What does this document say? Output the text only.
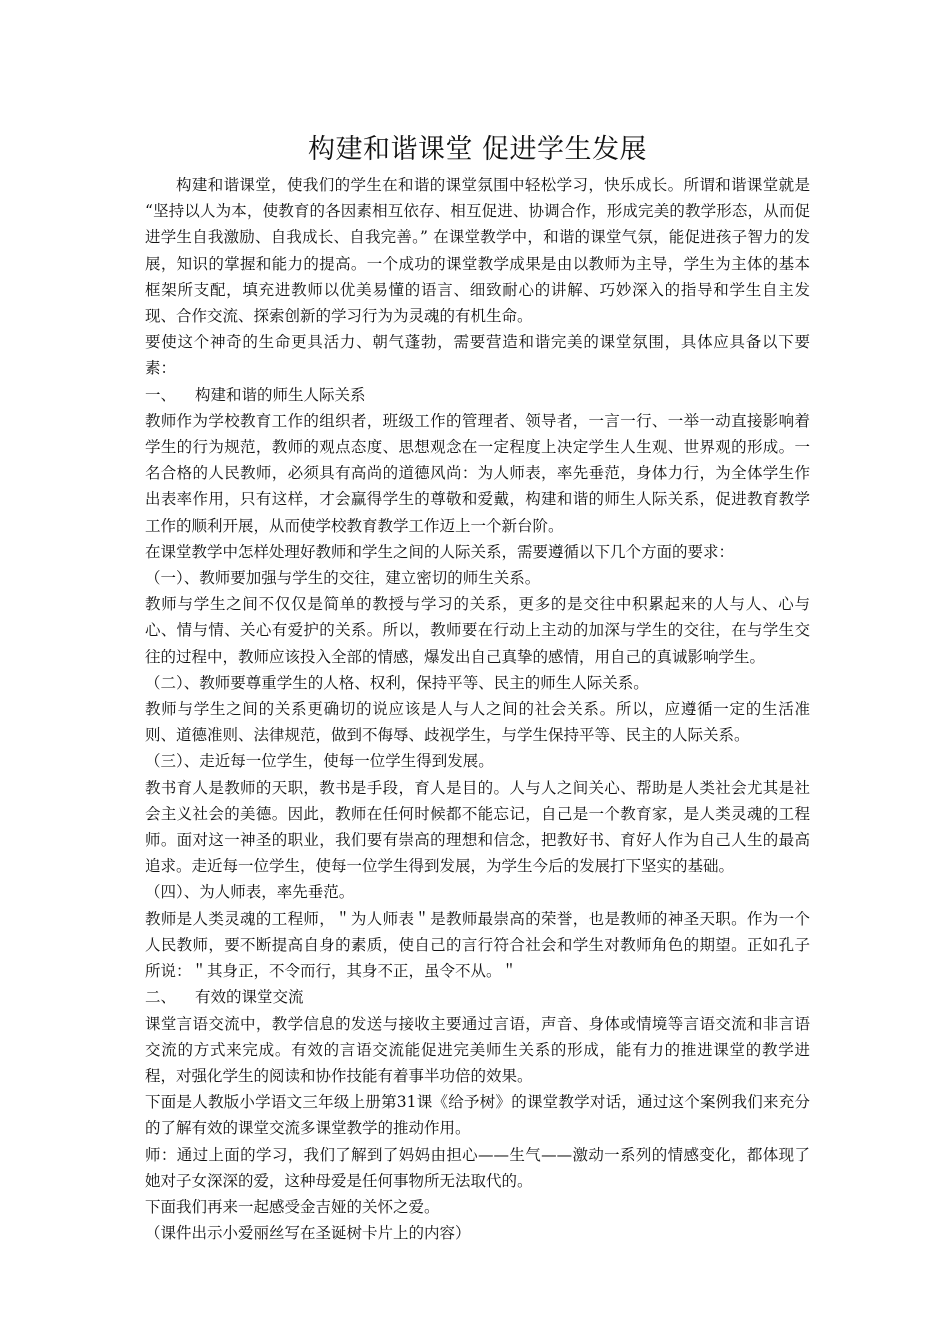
构建和谐课堂 促进学生发展

构建和谐课堂，使我们的学生在和谐的课堂氛围中轻松学习，快乐成长。所谓和谐课堂就是 “坚持以人为本，使教育的各因素相互依存、相互促进、协调合作，形成完美的教学形态，从而促进学生自我激励、自我成长、自我完善。” 在课堂教学中，和谐的课堂气氛，能促进孩子智力的发展，知识的掌握和能力的提高。一个成功的课堂教学成果是由以教师为主导，学生为主体的基本框架所支配，填充进教师以优美易懂的语言、细致耐心的讲解、巧妙深入的指导和学生自主发现、合作交流、探索创新的学习行为为灵魂的有机生命。

要使这个神奇的生命更具活力、朝气蓬勃，需要营造和谐完美的课堂氛围，具体应具备以下要素：

一、 构建和谐的师生人际关系

教师作为学校教育工作的组织者，班级工作的管理者、领导者，一言一行、一举一动直接影响着学生的行为规范，教师的观点态度、思想观念在一定程度上决定学生人生观、世界观的形成。一名合格的人民教师，必须具有高尚的道德风尚：为人师表，率先垂范，身体力行，为全体学生作出表率作用，只有这样，才会赢得学生的尊敬和爱戴，构建和谐的师生人际关系，促进教育教学工作的顺利开展，从而使学校教育教学工作迈上一个新台阶。

在课堂教学中怎样处理好教师和学生之间的人际关系，需要遵循以下几个方面的要求：

（一）、教师要加强与学生的交往，建立密切的师生关系。

教师与学生之间不仅仅是简单的教授与学习的关系，更多的是交往中积累起来的人与人、心与心、情与情、关心有爱护的关系。所以，教师要在行动上主动的加深与学生的交往，在与学生交往的过程中，教师应该投入全部的情感，爆发出自己真挚的感情，用自己的真诚影响学生。

（二）、教师要尊重学生的人格、权利，保持平等、民主的师生人际关系。

教师与学生之间的关系更确切的说应该是人与人之间的社会关系。所以，应遵循一定的生活准则、道德准则、法律规范，做到不侮辱、歧视学生，与学生保持平等、民主的人际关系。

（三）、走近每一位学生，使每一位学生得到发展。

教书育人是教师的天职，教书是手段，育人是目的。人与人之间关心、帮助是人类社会尤其是社会主义社会的美德。因此，教师在任何时候都不能忘记，自己是一个教育家，是人类灵魂的工程师。面对这一神圣的职业，我们要有崇高的理想和信念，把教好书、育好人作为自己人生的最高追求。走近每一位学生，使每一位学生得到发展，为学生今后的发展打下坚实的基础。

（四）、为人师表，率先垂范。

教师是人类灵魂的工程师，＂为人师表＂是教师最崇高的荣誉，也是教师的神圣天职。作为一个人民教师，要不断提高自身的素质，使自己的言行符合社会和学生对教师角色的期望。正如孔子所说：＂其身正，不令而行，其身不正，虽令不从。＂

二、 有效的课堂交流

课堂言语交流中，教学信息的发送与接收主要通过言语，声音、身体或情境等言语交流和非言语交流的方式来完成。有效的言语交流能促进完美师生关系的形成，能有力的推进课堂的教学进程，对强化学生的阅读和协作技能有着事半功倍的效果。

下面是人教版小学语文三年级上册第31课《给予树》的课堂教学对话，通过这个案例我们来充分的了解有效的课堂交流多课堂教学的推动作用。

师：通过上面的学习，我们了解到了妈妈由担心——生气——激动一系列的情感变化，都体现了她对子女深深的爱，这种母爱是任何事物所无法取代的。

下面我们再来一起感受金吉娅的关怀之爱。

（课件出示小爱丽丝写在圣诞树卡片上的内容）
